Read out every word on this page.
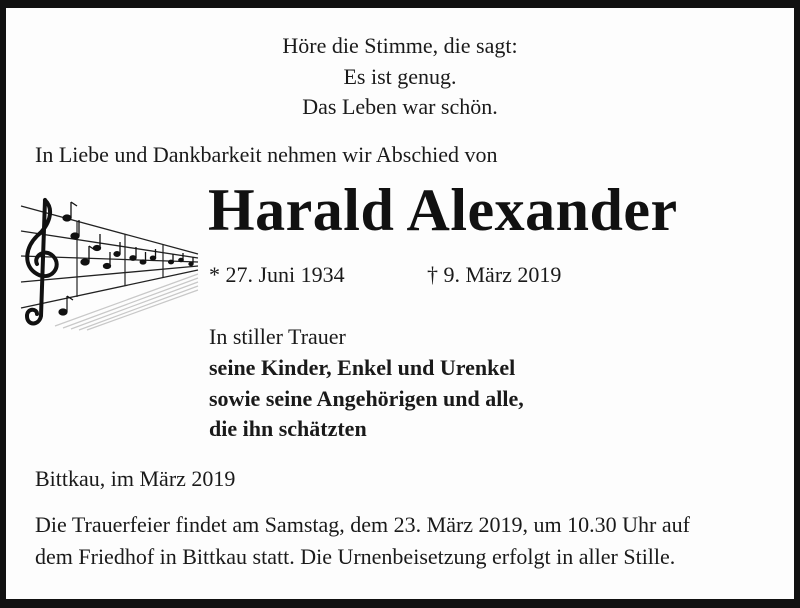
Höre die Stimme, die sagt:
Es ist genug.
Das Leben war schön.
In Liebe und Dankbarkeit nehmen wir Abschied von
Harald Alexander
* 27. Juni 1934	† 9. März 2019
In stiller Trauer
seine Kinder, Enkel und Urenkel
sowie seine Angehörigen und alle,
die ihn schätzten
Bittkau, im März 2019
Die Trauerfeier findet am Samstag, dem 23. März 2019, um 10.30 Uhr auf
dem Friedhof in Bittkau statt. Die Urnenbeisetzung erfolgt in aller Stille.
